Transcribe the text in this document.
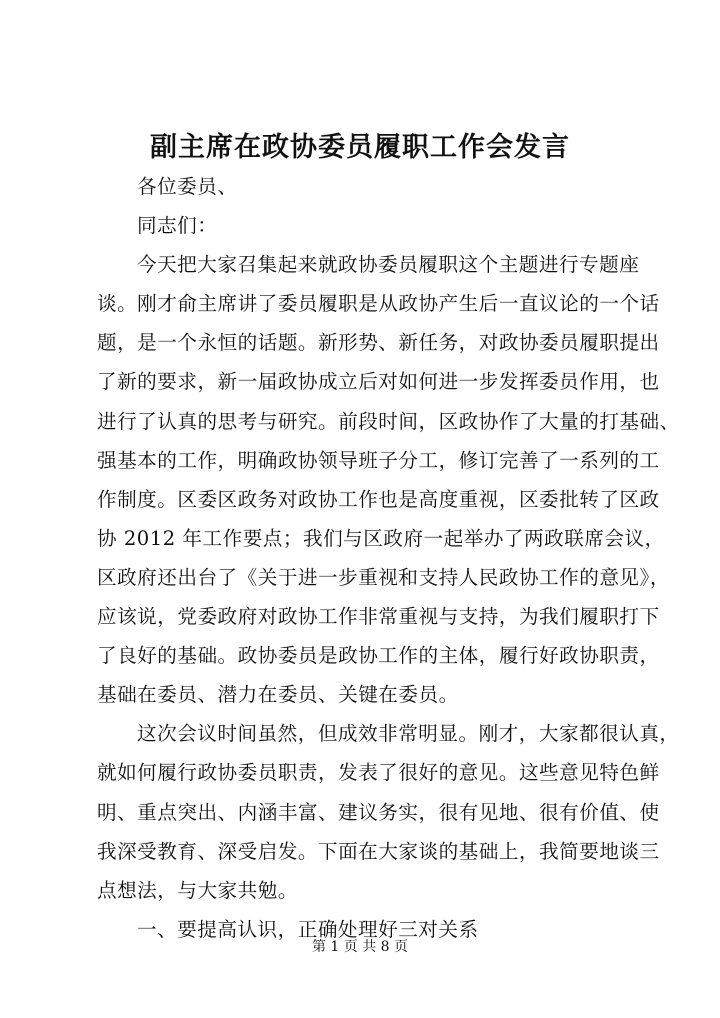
副主席在政协委员履职工作会发言
各位委员、
同志们：
今天把大家召集起来就政协委员履职这个主题进行专题座
谈。刚才俞主席讲了委员履职是从政协产生后一直议论的一个话
题，是一个永恒的话题。新形势、新任务，对政协委员履职提出
了新的要求，新一届政协成立后对如何进一步发挥委员作用，也
进行了认真的思考与研究。前段时间，区政协作了大量的打基础、
强基本的工作，明确政协领导班子分工，修订完善了一系列的工
作制度。区委区政务对政协工作也是高度重视，区委批转了区政
协 2012 年工作要点；我们与区政府一起举办了两政联席会议，
区政府还出台了《关于进一步重视和支持人民政协工作的意见》，
应该说，党委政府对政协工作非常重视与支持，为我们履职打下
了良好的基础。政协委员是政协工作的主体，履行好政协职责，
基础在委员、潜力在委员、关键在委员。
这次会议时间虽然，但成效非常明显。刚才，大家都很认真，
就如何履行政协委员职责，发表了很好的意见。这些意见特色鲜
明、重点突出、内涵丰富、建议务实，很有见地、很有价值、使
我深受教育、深受启发。下面在大家谈的基础上，我简要地谈三
点想法，与大家共勉。
一、要提高认识，正确处理好三对关系
第 1 页 共 8 页
